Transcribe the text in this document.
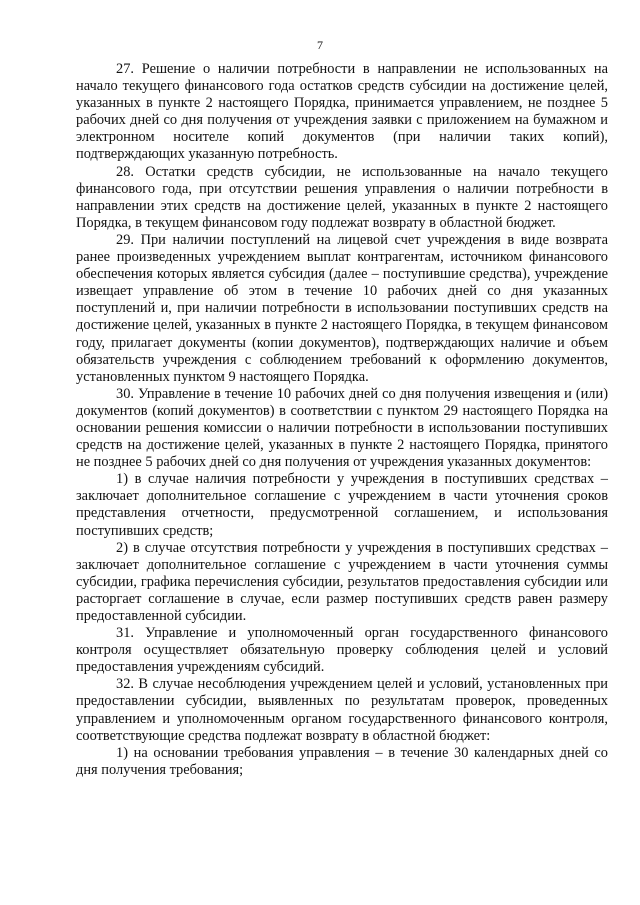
7

27. Решение о наличии потребности в направлении не использованных на начало текущего финансового года остатков средств субсидии на достижение целей, указанных в пункте 2 настоящего Порядка, принимается управлением, не позднее 5 рабочих дней со дня получения от учреждения заявки с приложением на бумажном и электронном носителе копий документов (при наличии таких копий), подтверждающих указанную потребность.

28. Остатки средств субсидии, не использованные на начало текущего финансового года, при отсутствии решения управления о наличии потребности в направлении этих средств на достижение целей, указанных в пункте 2 настоящего Порядка, в текущем финансовом году подлежат возврату в областной бюджет.

29. При наличии поступлений на лицевой счет учреждения в виде возврата ранее произведенных учреждением выплат контрагентам, источником финансового обеспечения которых является субсидия (далее – поступившие средства), учреждение извещает управление об этом в течение 10 рабочих дней со дня указанных поступлений и, при наличии потребности в использовании поступивших средств на достижение целей, указанных в пункте 2 настоящего Порядка, в текущем финансовом году, прилагает документы (копии документов), подтверждающих наличие и объем обязательств учреждения с соблюдением требований к оформлению документов, установленных пунктом 9 настоящего Порядка.

30. Управление в течение 10 рабочих дней со дня получения извещения и (или) документов (копий документов) в соответствии с пунктом 29 настоящего Порядка на основании решения комиссии о наличии потребности в использовании поступивших средств на достижение целей, указанных в пункте 2 настоящего Порядка, принятого не позднее 5 рабочих дней со дня получения от учреждения указанных документов:

1) в случае наличия потребности у учреждения в поступивших средствах – заключает дополнительное соглашение с учреждением в части уточнения сроков представления отчетности, предусмотренной соглашением, и использования поступивших средств;

2) в случае отсутствия потребности у учреждения в поступивших средствах – заключает дополнительное соглашение с учреждением в части уточнения суммы субсидии, графика перечисления субсидии, результатов предоставления субсидии или расторгает соглашение в случае, если размер поступивших средств равен размеру предоставленной субсидии.

31. Управление и уполномоченный орган государственного финансового контроля осуществляет обязательную проверку соблюдения целей и условий предоставления учреждениям субсидий.

32. В случае несоблюдения учреждением целей и условий, установленных при предоставлении субсидии, выявленных по результатам проверок, проведенных управлением и уполномоченным органом государственного финансового контроля, соответствующие средства подлежат возврату в областной бюджет:

1) на основании требования управления – в течение 30 календарных дней со дня получения требования;
